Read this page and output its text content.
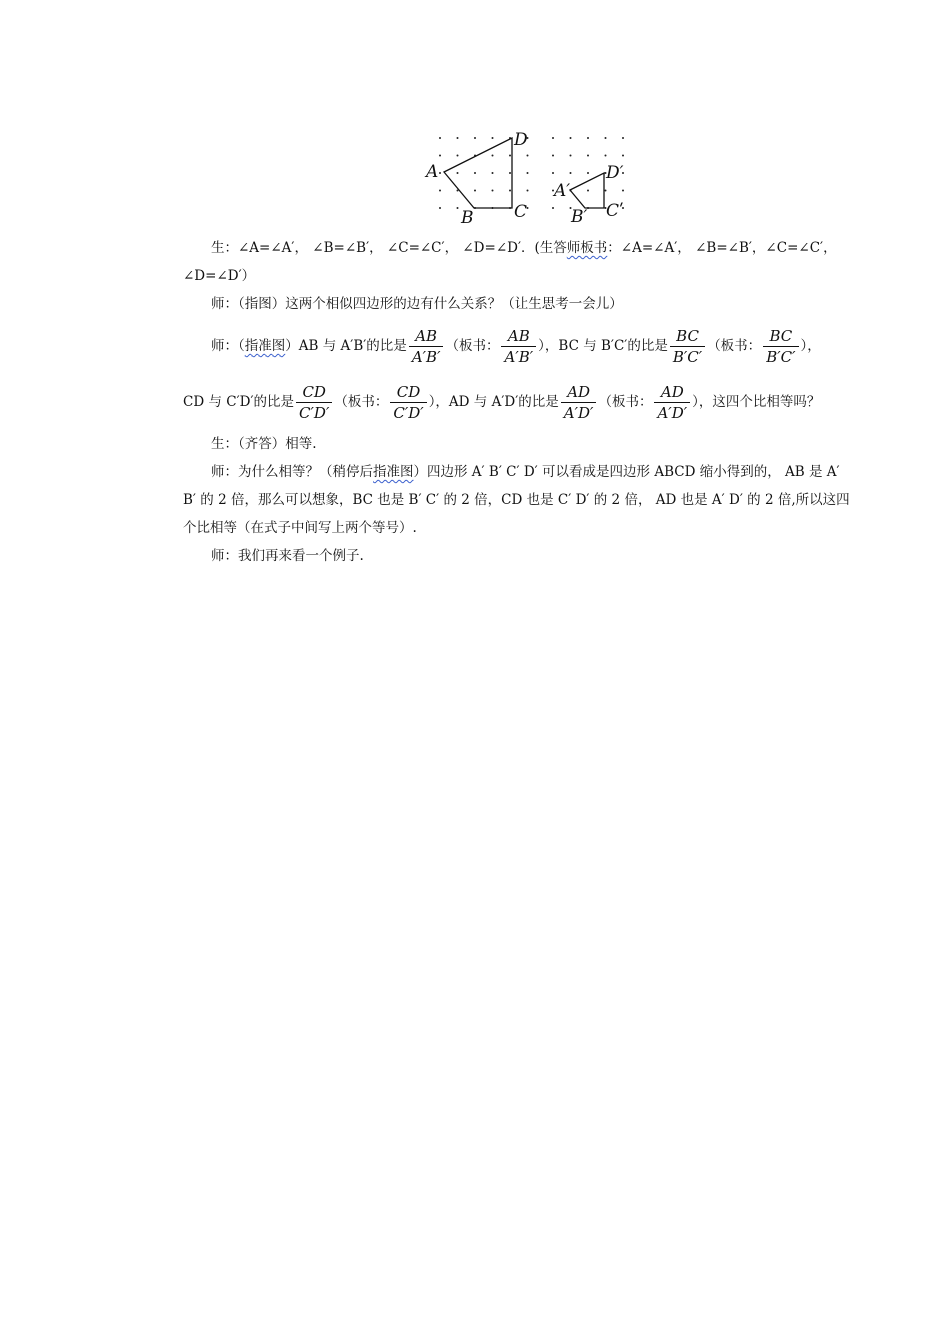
A
B C
D
A′
B′ Cʹ
D′

生：∠A=∠A′， ∠B=∠B′， ∠C=∠C′， ∠D=∠D′．(生答师板书：∠A=∠A′， ∠B=∠B′，∠C=∠C′，∠D=∠D′）

师：（指图）这两个相似四边形的边有什么关系？（让生思考一会儿）

师：（ 指准图 ）AB 与 A′B′的比是 $\frac{AB}{A'B'}$ （板书： $\frac{AB}{A'B'}$ ），BC 与 B′C′的比是 $\frac{BC}{B'C'}$ （板书： $\frac{BC}{B'C'}$ ），
CD 与 C′D′的比是 $\frac{CD}{C'D'}$ （板书： $\frac{CD}{C'D'}$ ），AD 与 A′D′的比是 $\frac{AD}{A'D'}$ （板书： $\frac{AD}{A'D'}$ ），这四个比相等吗？

生：（齐答）相等.

师：为什么相等？（稍停后指准图）四边形 A′ B′ C′ D′ 可以看成是四边形 ABCD 缩小得到的， AB 是 A′ B′ 的 2 倍，那么可以想象，BC 也是 B′ C′ 的 2 倍，CD 也是 C′ D′ 的 2 倍， AD 也是 A′ D′ 的 2 倍,所以这四个比相等（在式子中间写上两个等号）.

师：我们再来看一个例子.
